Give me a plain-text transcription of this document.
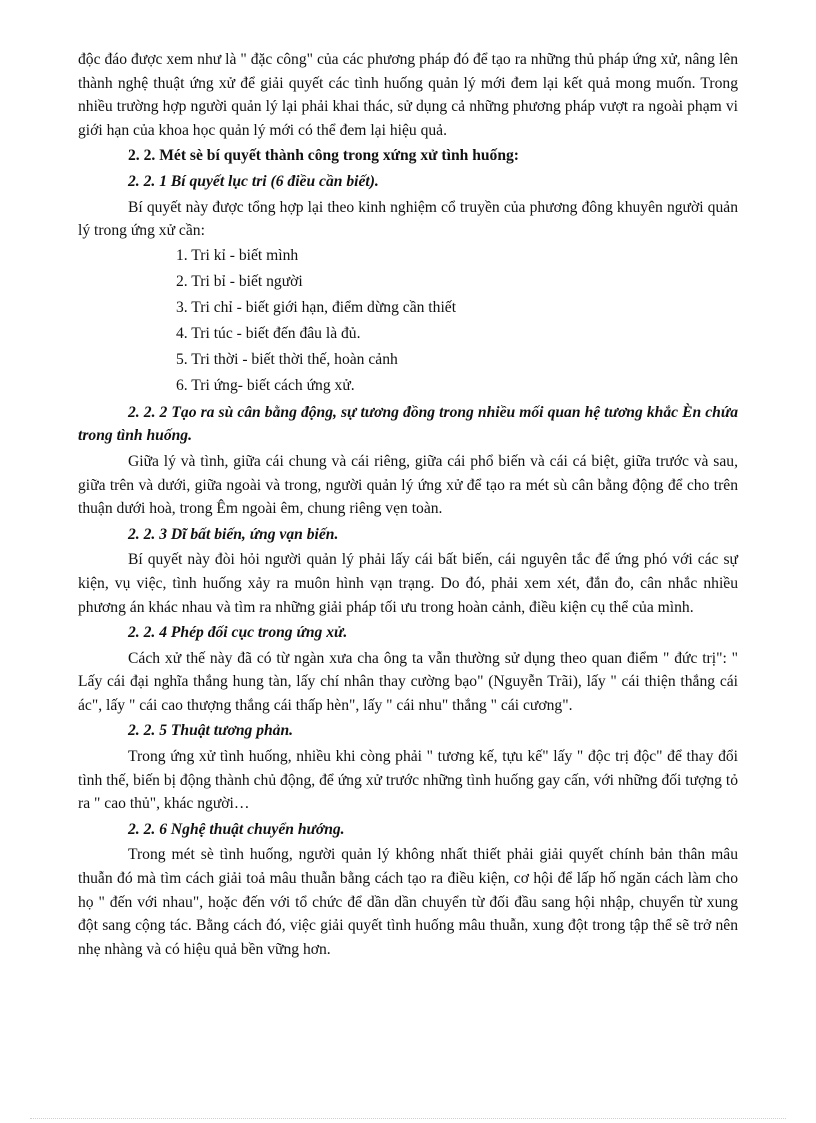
độc đáo được xem như là " đặc công" của các phương pháp đó để tạo ra những thủ pháp ứng xử, nâng lên thành nghệ thuật ứng xử để giải quyết các tình huống quản lý mới đem lại kết quả mong muốn. Trong nhiều trường hợp người quản lý lại phải khai thác, sử dụng cả những phương pháp vượt ra ngoài phạm vi giới hạn của khoa học quản lý mới có thể đem lại hiệu quả.

2. 2. Mét sè bí quyết thành công trong xứng xử tình huống:

2. 2. 1 Bí quyết lục tri (6 điều cần biết).

Bí quyết này được tổng hợp lại theo kinh nghiệm cổ truyền của phương đông khuyên người quản lý trong ứng xử cần:

1. Tri kỉ - biết mình
2. Tri bỉ - biết người
3. Tri chỉ - biết giới hạn, điểm dừng cần thiết
4. Tri túc - biết đến đâu là đủ.
5. Tri thời - biết thời thế, hoàn cảnh
6. Tri ứng- biết cách ứng xử.

2. 2. 2 Tạo ra sù cân bằng động, sự tương đồng trong nhiều mối quan hệ tương khắc Èn chứa trong tình huống.

Giữa lý và tình, giữa cái chung và cái riêng, giữa cái phổ biến và cái cá biệt, giữa trước và sau, giữa trên và dưới, giữa ngoài và trong, người quản lý ứng xử để tạo ra mét sù cân bằng động để cho trên thuận dưới hoà, trong Êm ngoài êm, chung riêng vẹn toàn.

2. 2. 3 Dĩ bất biến, ứng vạn biến.

Bí quyết này đòi hỏi người quản lý phải lấy cái bất biến, cái nguyên tắc để ứng phó với các sự kiện, vụ việc, tình huống xảy ra muôn hình vạn trạng. Do đó, phải xem xét, đắn đo, cân nhắc nhiều phương án khác nhau và tìm ra những giải pháp tối ưu trong hoàn cảnh, điều kiện cụ thể của mình.

2. 2. 4 Phép đối cục trong ứng xử.

Cách xử thế này đã có từ ngàn xưa cha ông ta vẫn thường sử dụng theo quan điểm " đức trị": " Lấy cái đại nghĩa thắng hung tàn, lấy chí nhân thay cường bạo" (Nguyễn Trãi), lấy " cái thiện thắng cái ác", lấy " cái cao thượng thắng cái thấp hèn", lấy " cái nhu" thắng " cái cương".

2. 2. 5 Thuật tương phản.

Trong ứng xử tình huống, nhiều khi còng phải " tương kế, tựu kế" lấy " độc trị độc" để thay đổi tình thế, biến bị động thành chủ động, để ứng xử trước những tình huống gay cấn, với những đối tượng tỏ ra " cao thủ", khác người…

2. 2. 6 Nghệ thuật chuyển hướng.

Trong mét sè tình huống, người quản lý không nhất thiết phải giải quyết chính bản thân mâu thuẫn đó mà tìm cách giải toả mâu thuẫn bằng cách tạo ra điều kiện, cơ hội để lấp hố ngăn cách làm cho họ " đến với nhau", hoặc đến với tổ chức để dần dần chuyển từ đối đầu sang hội nhập, chuyển từ xung đột sang cộng tác. Bằng cách đó, việc giải quyết tình huống mâu thuẫn, xung đột trong tập thể sẽ trở nên nhẹ nhàng và có hiệu quả bền vững hơn.
